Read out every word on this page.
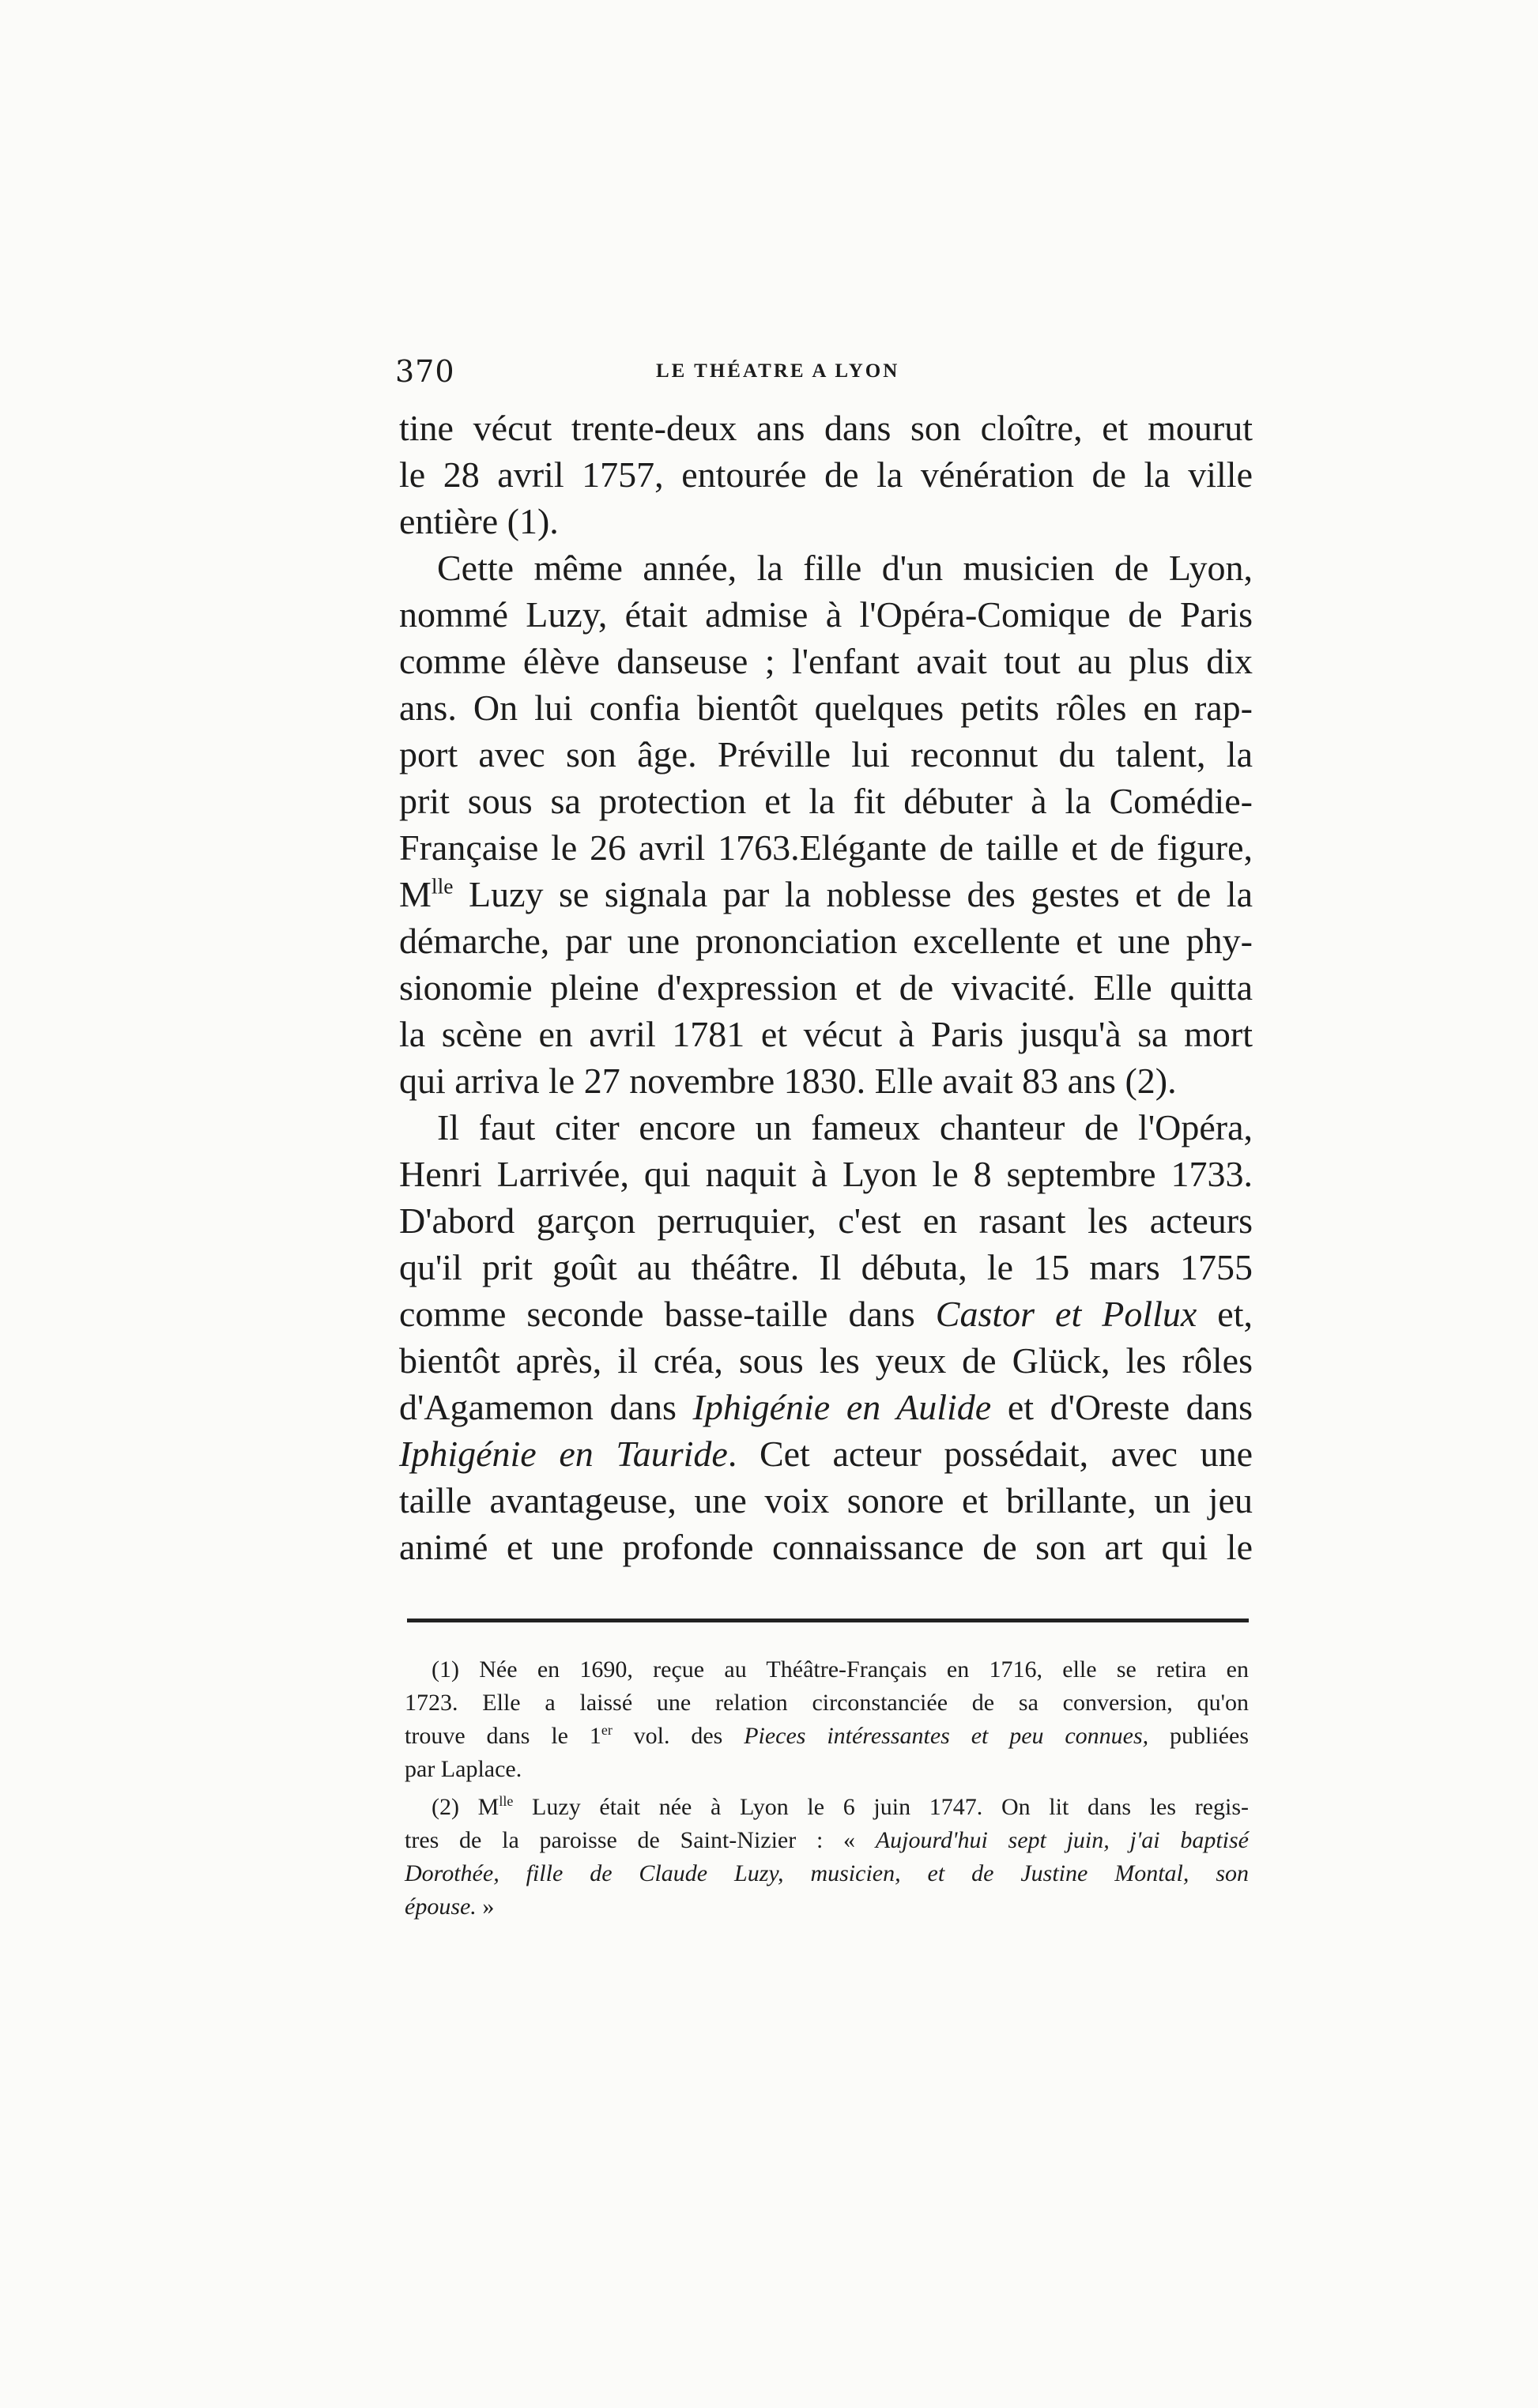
370	LE THÉATRE A LYON

tine vécut trente-deux ans dans son cloître, et mourut

le 28 avril 1757, entourée de la vénération de la ville

entière (1).

Cette même année, la fille d'un musicien de Lyon,

nommé Luzy, était admise à l'Opéra-Comique de Paris

comme élève danseuse ; l'enfant avait tout au plus dix

ans. On lui confia bientôt quelques petits rôles en rap-

port avec son âge. Préville lui reconnut du talent, la

prit sous sa protection et la fit débuter à la Comédie-

Française le 26 avril 1763.Elégante de taille et de figure,

$M^{lle}$ Luzy se signala par la noblesse des gestes et de la

démarche, par une prononciation excellente et une phy-

sionomie pleine d'expression et de vivacité. Elle quitta

la scène en avril 1781 et vécut à Paris jusqu'à sa mort

qui arriva le 27 novembre 1830. Elle avait 83 ans (2).

Il faut citer encore un fameux chanteur de l'Opéra,

Henri Larrivée, qui naquit à Lyon le 8 septembre 1733.

D'abord garçon perruquier, c'est en rasant les acteurs

qu'il prit goût au théâtre. Il débuta, le 15 mars 1755

comme seconde basse-taille dans Castor et Pollux et,

bientôt après, il créa, sous les yeux de Glück, les rôles

d'Agamemon dans Iphigénie en Aulide et d'Oreste dans

Iphigénie en Tauride. Cet acteur possédait, avec une

taille avantageuse, une voix sonore et brillante, un jeu

animé et une profonde connaissance de son art qui le

(1) Née en 1690, reçue au Théâtre-Français en 1716, elle se retira en

1723. Elle a laissé une relation circonstanciée de sa conversion, qu'on

trouve dans le 1er vol. des Pieces intéressantes et peu connues, publiées

par Laplace.

(2) $M^{lle}$ Luzy était née à Lyon le 6 juin 1747. On lit dans les regis-

tres de la paroisse de Saint-Nizier : « Aujourd'hui sept juin, j'ai baptisé

Dorothée, fille de Claude Luzy, musicien, et de Justine Montal, son

épouse. »
